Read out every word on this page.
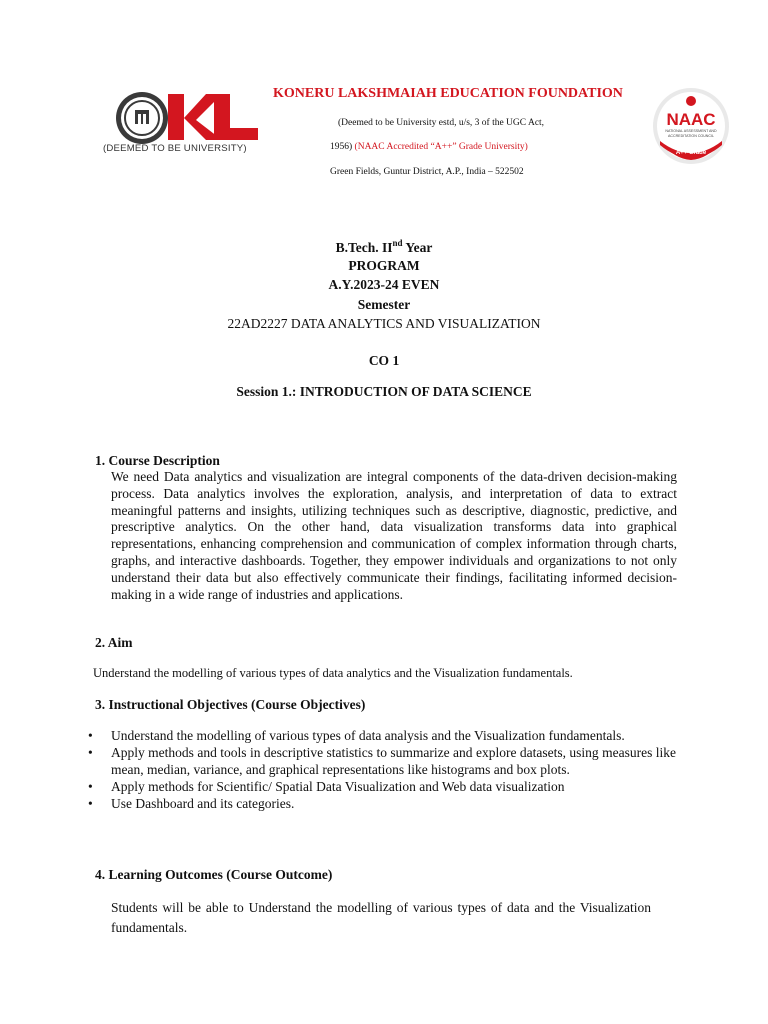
(DEEMED TO BE UNIVERSITY)
KONERU LAKSHMAIAH EDUCATION FOUNDATION
(Deemed to be University estd, u/s, 3 of the UGC Act,
1956) (NAAC Accredited “A++” Grade University)
Green Fields, Guntur District, A.P., India – 522502
NAAC
NATIONAL ASSESSMENT AND
ACCREDITATION COUNCIL
A++ Grade
B.Tech. IInd Year
PROGRAM
A.Y.2023-24 EVEN
Semester
22AD2227 DATA ANALYTICS AND VISUALIZATION
CO 1
Session 1.: INTRODUCTION OF DATA SCIENCE
1. Course Description
We need Data analytics and visualization are integral components of the data-driven decision-making process. Data analytics involves the exploration, analysis, and interpretation of data to extract meaningful patterns and insights, utilizing techniques such as descriptive, diagnostic, predictive, and prescriptive analytics. On the other hand, data visualization transforms data into graphical representations, enhancing comprehension and communication of complex information through charts, graphs, and interactive dashboards. Together, they empower individuals and organizations to not only understand their data but also effectively communicate their findings, facilitating informed decision-making in a wide range of industries and applications.
2. Aim
Understand the modelling of various types of data analytics and the Visualization fundamentals.
3. Instructional Objectives (Course Objectives)
• Understand the modelling of various types of data analysis and the Visualization fundamentals.
• Apply methods and tools in descriptive statistics to summarize and explore datasets, using measures like mean, median, variance, and graphical representations like histograms and box plots.
• Apply methods for Scientific/ Spatial Data Visualization and Web data visualization
• Use Dashboard and its categories.
4. Learning Outcomes (Course Outcome)
Students will be able to Understand the modelling of various types of data and the Visualization fundamentals.
